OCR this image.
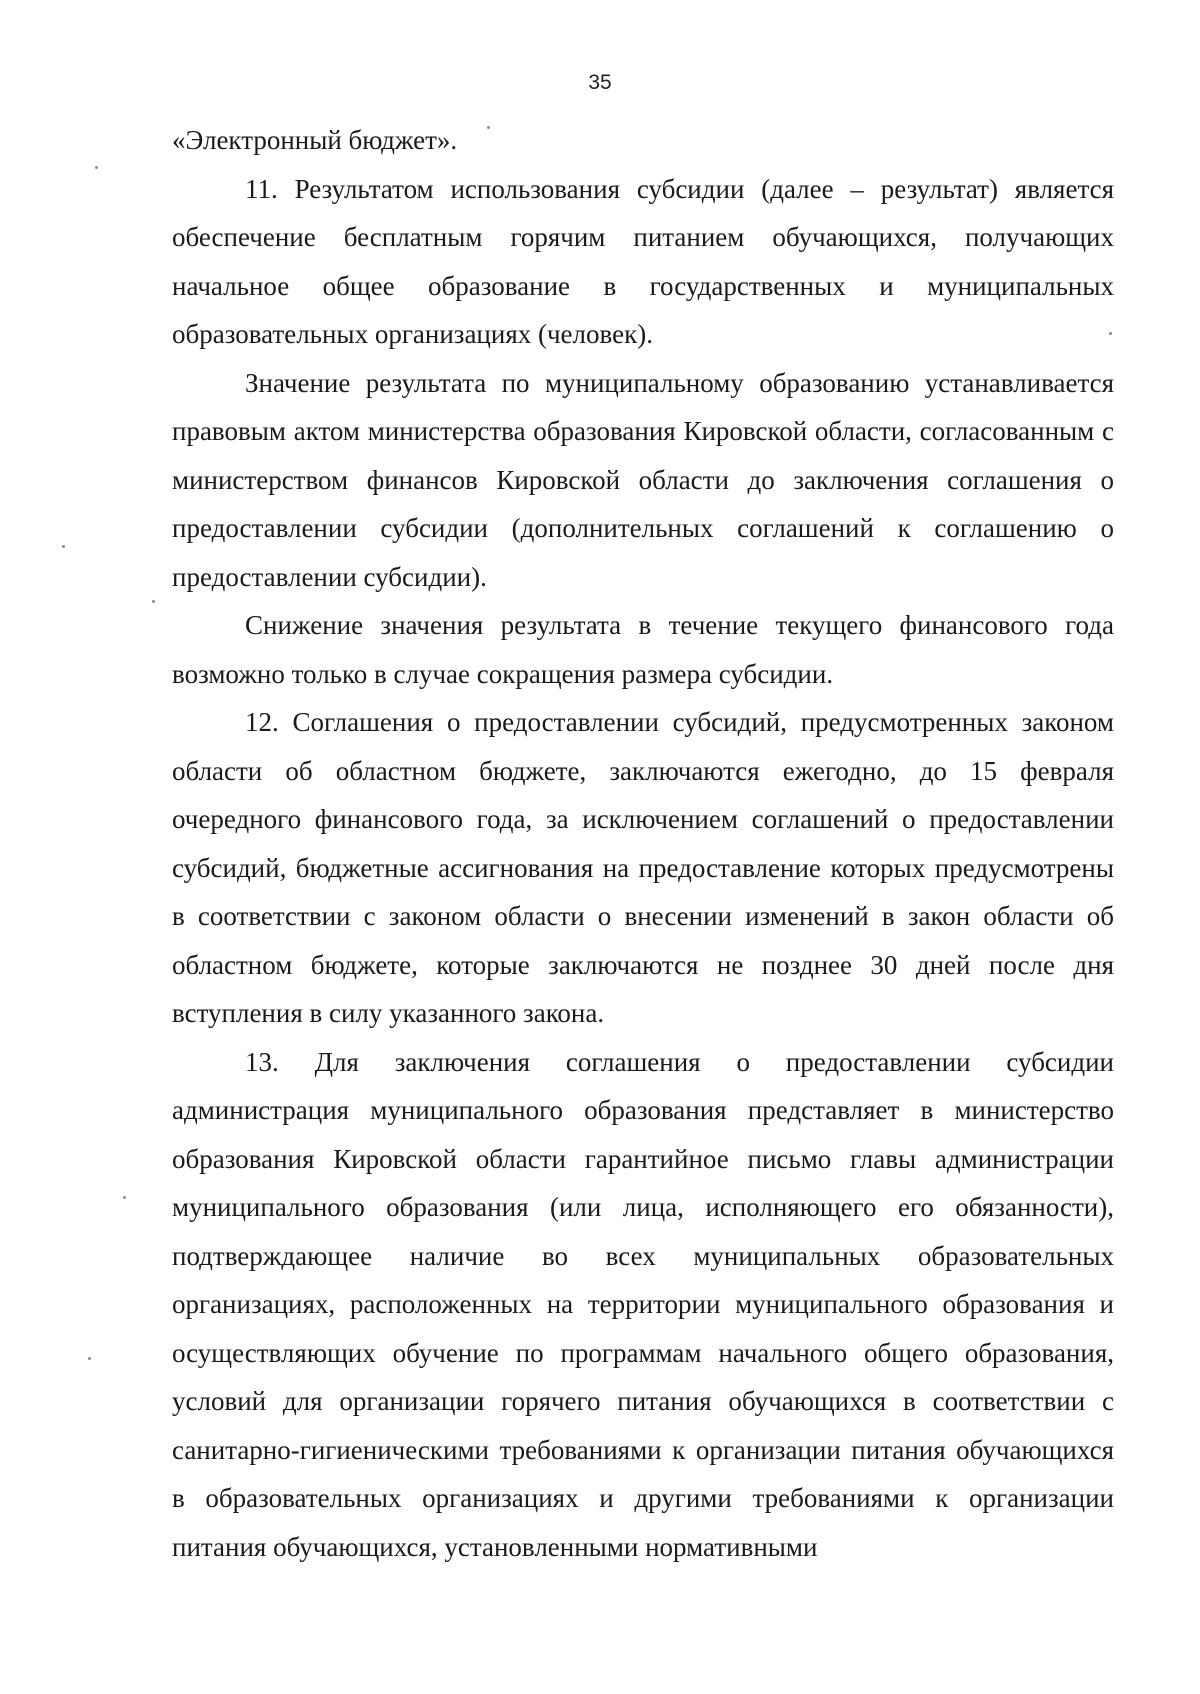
35

«Электронный бюджет».

11. Результатом использования субсидии (далее – результат) является обеспечение бесплатным горячим питанием обучающихся, получающих начальное общее образование в государственных и муниципальных образовательных организациях (человек).

Значение результата по муниципальному образованию устанавливается правовым актом министерства образования Кировской области, согласованным с министерством финансов Кировской области до заключения соглашения о предоставлении субсидии (дополнительных соглашений к соглашению о предоставлении субсидии).

Снижение значения результата в течение текущего финансового года возможно только в случае сокращения размера субсидии.

12. Соглашения о предоставлении субсидий, предусмотренных законом области об областном бюджете, заключаются ежегодно, до 15 февраля очередного финансового года, за исключением соглашений о предоставлении субсидий, бюджетные ассигнования на предоставление которых предусмотрены в соответствии с законом области о внесении изменений в закон области об областном бюджете, которые заключаются не позднее 30 дней после дня вступления в силу указанного закона.

13. Для заключения соглашения о предоставлении субсидии администрация муниципального образования представляет в министерство образования Кировской области гарантийное письмо главы администрации муниципального образования (или лица, исполняющего его обязанности), подтверждающее наличие во всех муниципальных образовательных организациях, расположенных на территории муниципального образования и осуществляющих обучение по программам начального общего образования, условий для организации горячего питания обучающихся в соответствии с санитарно-гигиеническими требованиями к организации питания обучающихся в образовательных организациях и другими требованиями к организации питания обучающихся, установленными нормативными
